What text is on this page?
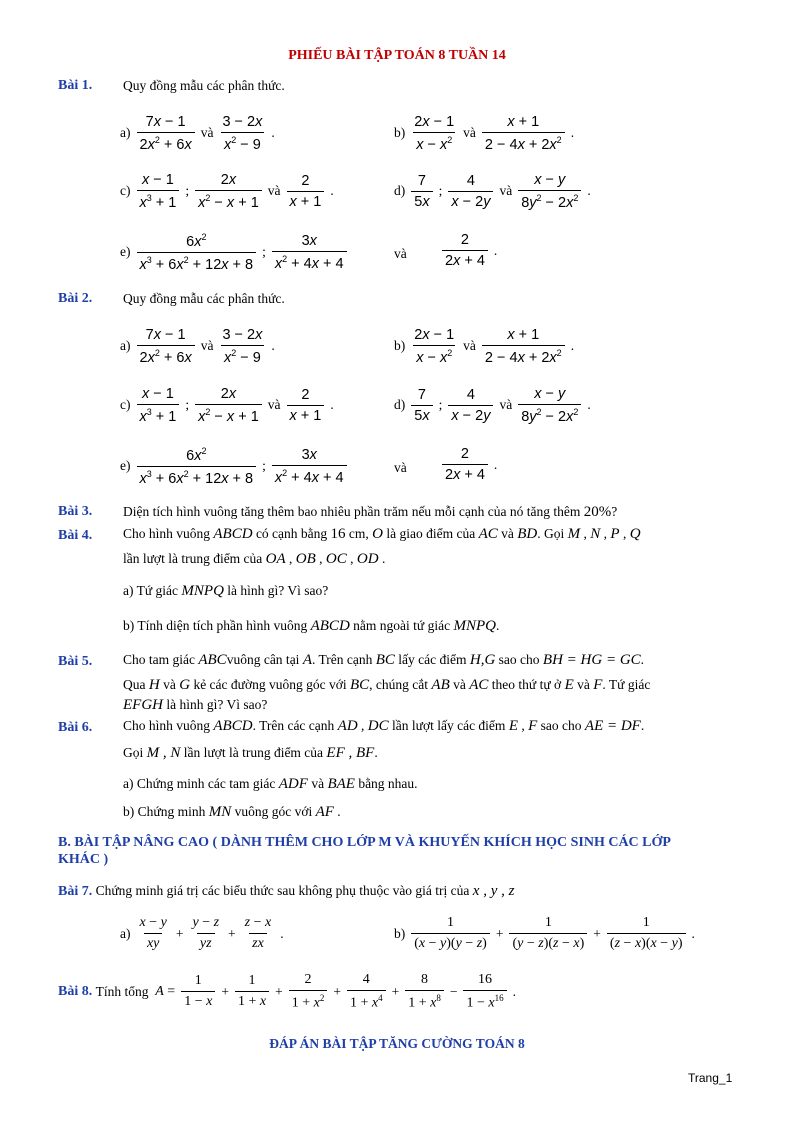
PHIẾU BÀI TẬP TOÁN 8 TUẦN 14
Bài 1. Quy đồng mẫu các phân thức.
$a) \frac{7x - 1}{2x^2 + 6x}$ và $\frac{3 - 2x}{x^2 - 9}$ .	$b) \frac{2x - 1}{x - x^2}$ và $\frac{x + 1}{2 - 4x + 2x^2}$ .
$c) \frac{x - 1}{x^3 + 1}$ ; $\frac{2x}{x^2 - x + 1}$ và $\frac{2}{x + 1}$ .	$d) \frac{7}{5x}$ ; $\frac{4}{x - 2y}$ và $\frac{x - y}{8y^2 - 2x^2}$ .
$e) \frac{6x^2}{x^3 + 6x^2 + 12x + 8}$ ; $\frac{3x}{x^2 + 4x + 4}$	và $\frac{2}{2x + 4}$ .
Bài 2. Quy đồng mẫu các phân thức.
$a) \frac{7x - 1}{2x^2 + 6x}$ và $\frac{3 - 2x}{x^2 - 9}$ .	$b) \frac{2x - 1}{x - x^2}$ và $\frac{x + 1}{2 - 4x + 2x^2}$ .
$c) \frac{x - 1}{x^3 + 1}$ ; $\frac{2x}{x^2 - x + 1}$ và $\frac{2}{x + 1}$ .	$d) \frac{7}{5x}$ ; $\frac{4}{x - 2y}$ và $\frac{x - y}{8y^2 - 2x^2}$ .
$e) \frac{6x^2}{x^3 + 6x^2 + 12x + 8}$ ; $\frac{3x}{x^2 + 4x + 4}$	và $\frac{2}{2x + 4}$ .
Bài 3. Diện tích hình vuông tăng thêm bao nhiêu phần trăm nếu mỗi cạnh của nó tăng thêm 20%?
Bài 4. Cho hình vuông ABCD có cạnh bằng 16 cm, O là giao điểm của AC và BD. Gọi M , N , P , Q
lần lượt là trung điểm của OA , OB , OC , OD .
a) Tứ giác MNPQ là hình gì? Vì sao?
b) Tính diện tích phần hình vuông ABCD nằm ngoài tứ giác MNPQ.
Bài 5. Cho tam giác ABCvuông cân tại A. Trên cạnh BC lấy các điểm H,G sao cho BH = HG = GC.
Qua H và G kẻ các đường vuông góc với BC, chúng cắt AB và AC theo thứ tự ở E và F. Tứ giác
EFGH là hình gì? Vì sao?
Bài 6. Cho hình vuông ABCD. Trên các cạnh AD , DC lần lượt lấy các điểm E , F sao cho AE = DF.
Gọi M , N lần lượt là trung điểm của EF , BF.
a) Chứng minh các tam giác ADF và BAE bằng nhau.
b) Chứng minh MN vuông góc với AF .
B. BÀI TẬP NÂNG CAO ( DÀNH THÊM CHO LỚP M VÀ KHUYẾN KHÍCH HỌC SINH CÁC LỚP
KHÁC )
Bài 7. Chứng minh giá trị các biểu thức sau không phụ thuộc vào giá trị của x , y , z
$a) \frac{x - y}{xy} + \frac{y - z}{yz} + \frac{z - x}{zx}$ .	$b) \frac{1}{(x - y)(y - z)} + \frac{1}{(y - z)(z - x)} + \frac{1}{(z - x)(x - y)}$ .
Bài 8.
Tính tổng
$A = \frac{1}{1 - x} + \frac{1}{1 + x} + \frac{2}{1 + x^2} + \frac{4}{1 + x^4} + \frac{8}{1 + x^8} - \frac{16}{1 - x^{16}}$ .
ĐÁP ÁN BÀI TẬP TĂNG CƯỜNG TOÁN 8
Trang_1
